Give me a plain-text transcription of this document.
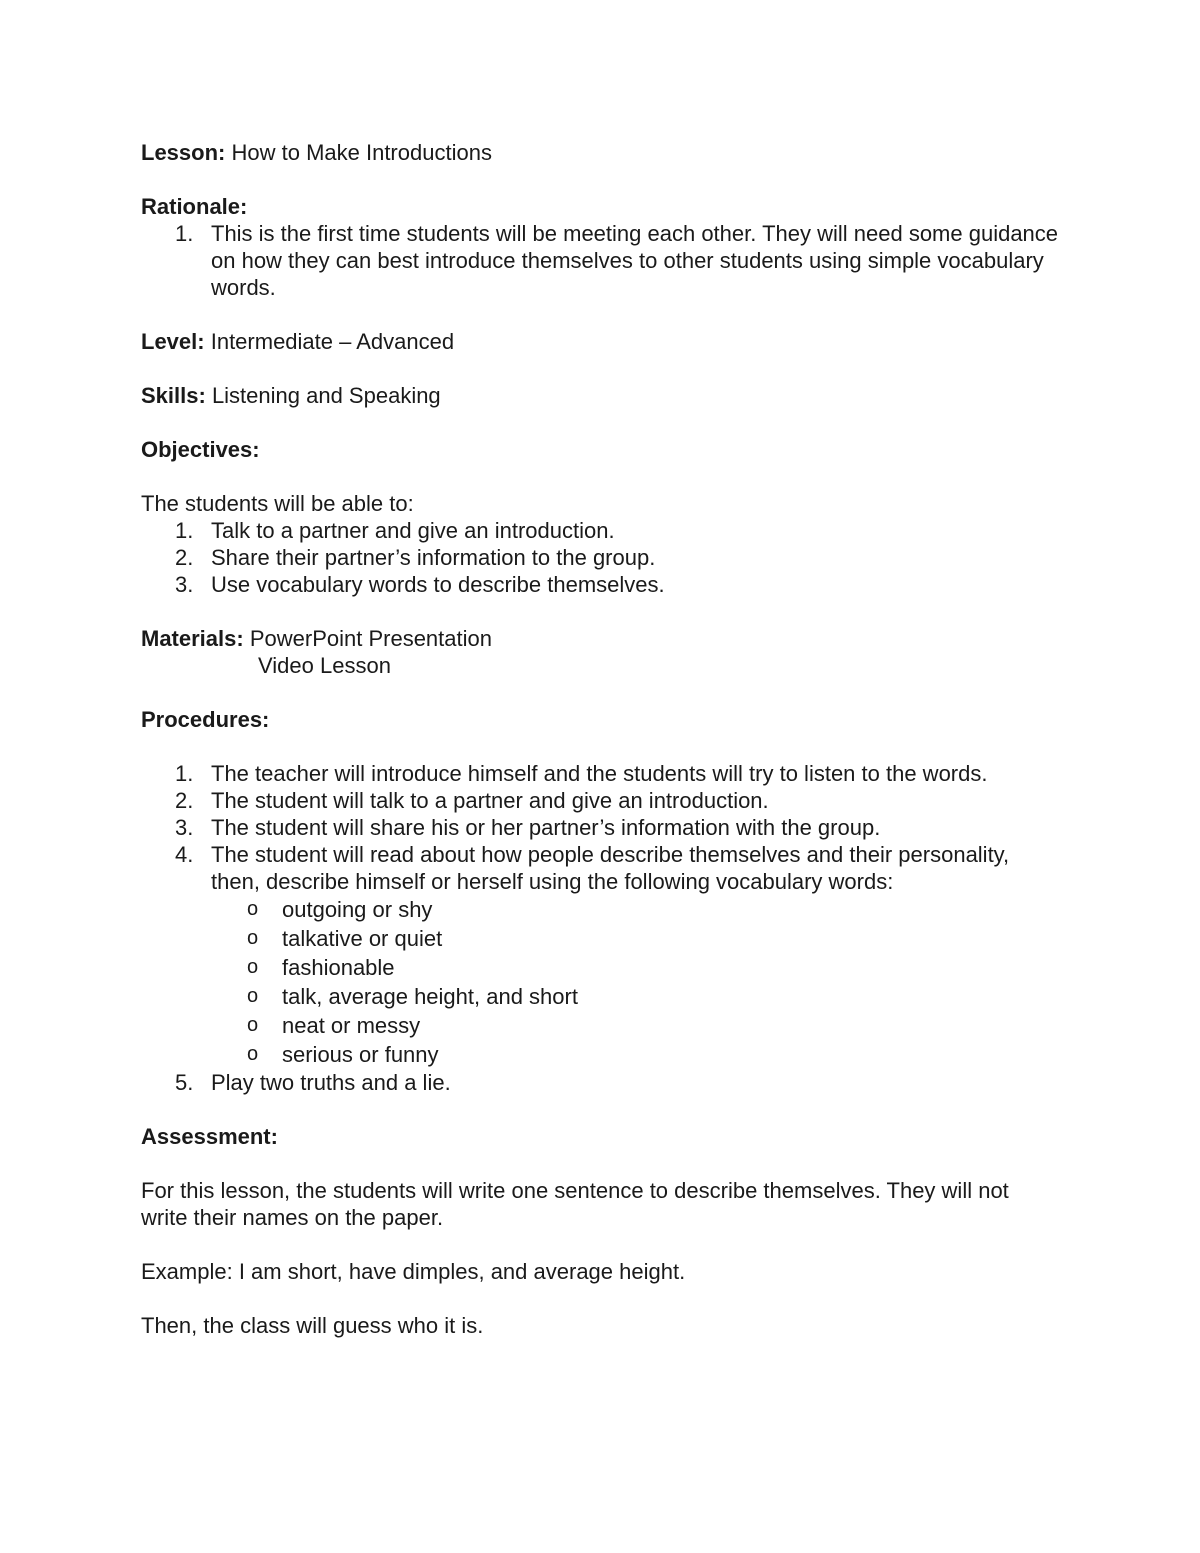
Lesson: How to Make Introductions

Rationale:

1. This is the first time students will be meeting each other. They will need some guidance on how they can best introduce themselves to other students using simple vocabulary words.

Level: Intermediate – Advanced

Skills: Listening and Speaking

Objectives:

The students will be able to:

1. Talk to a partner and give an introduction.
2. Share their partner’s information to the group.
3. Use vocabulary words to describe themselves.

Materials: PowerPoint Presentation

Video Lesson

Procedures:

1. The teacher will introduce himself and the students will try to listen to the words.
2. The student will talk to a partner and give an introduction.
3. The student will share his or her partner’s information with the group.
4. The student will read about how people describe themselves and their personality, then, describe himself or herself using the following vocabulary words:
o outgoing or shy
o talkative or quiet
o fashionable
o talk, average height, and short
o neat or messy
o serious or funny
5. Play two truths and a lie.

Assessment:

For this lesson, the students will write one sentence to describe themselves. They will not write their names on the paper.

Example: I am short, have dimples, and average height.

Then, the class will guess who it is.
